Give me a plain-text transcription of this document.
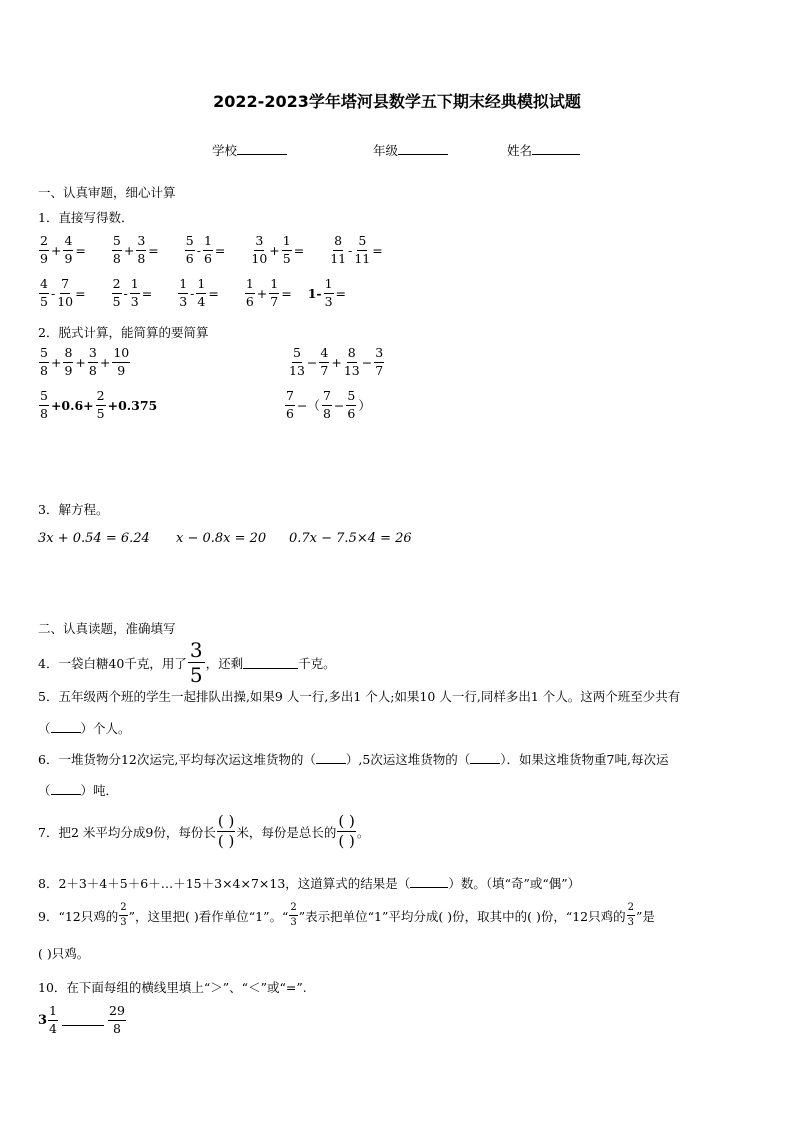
2022-2023学年塔河县数学五下期末经典模拟试题
学校	年级	姓名
一、认真审题，细心计算
1．直接写得数．
$\frac{2}{9} + \frac{4}{9} = \frac{5}{8} + \frac{3}{8} = \frac{5}{6} - \frac{1}{6} = \frac{3}{10} + \frac{1}{5} = \frac{8}{11} - \frac{5}{11}$ =
$\frac{4}{5} - \frac{7}{10} = \frac{2}{5} - \frac{1}{3} = \frac{1}{3} - \frac{1}{4} = \frac{1}{6} + \frac{1}{7} = 1- \frac{1}{3}$ =
2．脱式计算，能简算的要简算
$\frac{5}{8} + \frac{8}{9} + \frac{3}{8} + \frac{10}{9}$	$\frac{5}{13} - \frac{4}{7} + \frac{8}{13} - \frac{3}{7}$
$\frac{5}{8} +0.6+ \frac{2}{5} +0.375$	$\frac{7}{6}$ −（ $\frac{7}{8} - \frac{5}{6}$ ）
3．解方程。
3x + 0.54 = 6.24 x − 0.8x = 20 0.7x − 7.5×4 = 26
二、认真读题，准确填写
4．一袋白糖40千克，用了 $\frac{3}{5}$ ，还剩	千克。
5．五年级两个班的学生一起排队出操,如果9 人一行,多出1 个人;如果10 人一行,同样多出1 个人。这两个班至少共有
（ ）个人。
6．一堆货物分12次运完,平均每次运这堆货物的（ ）,5次运这堆货物的（ ）．如果这堆货物重7吨,每次运
（ ）吨．
7．把2 米平均分成9份，每份长 $\frac{( )}{( )}$ 米，每份是总长的 $\frac{( )}{( )}$ 。
8．2＋3＋4＋5＋6＋…＋15＋3×4×7×13，这道算式的结果是（	）数。（填“奇”或“偶”）
9．“12只鸡的 $\frac{2}{3}$ ”，这里把( )看作单位“1”。“ $\frac{2}{3}$ ”表示把单位“1”平均分成( )份，取其中的( )份，“12只鸡的 $\frac{2}{3}$ ”是
( )只鸡。
10．在下面每组的横线里填上“＞”、“＜”或“=”.
$3 \frac{1}{4}$	$\frac{29}{8}$
